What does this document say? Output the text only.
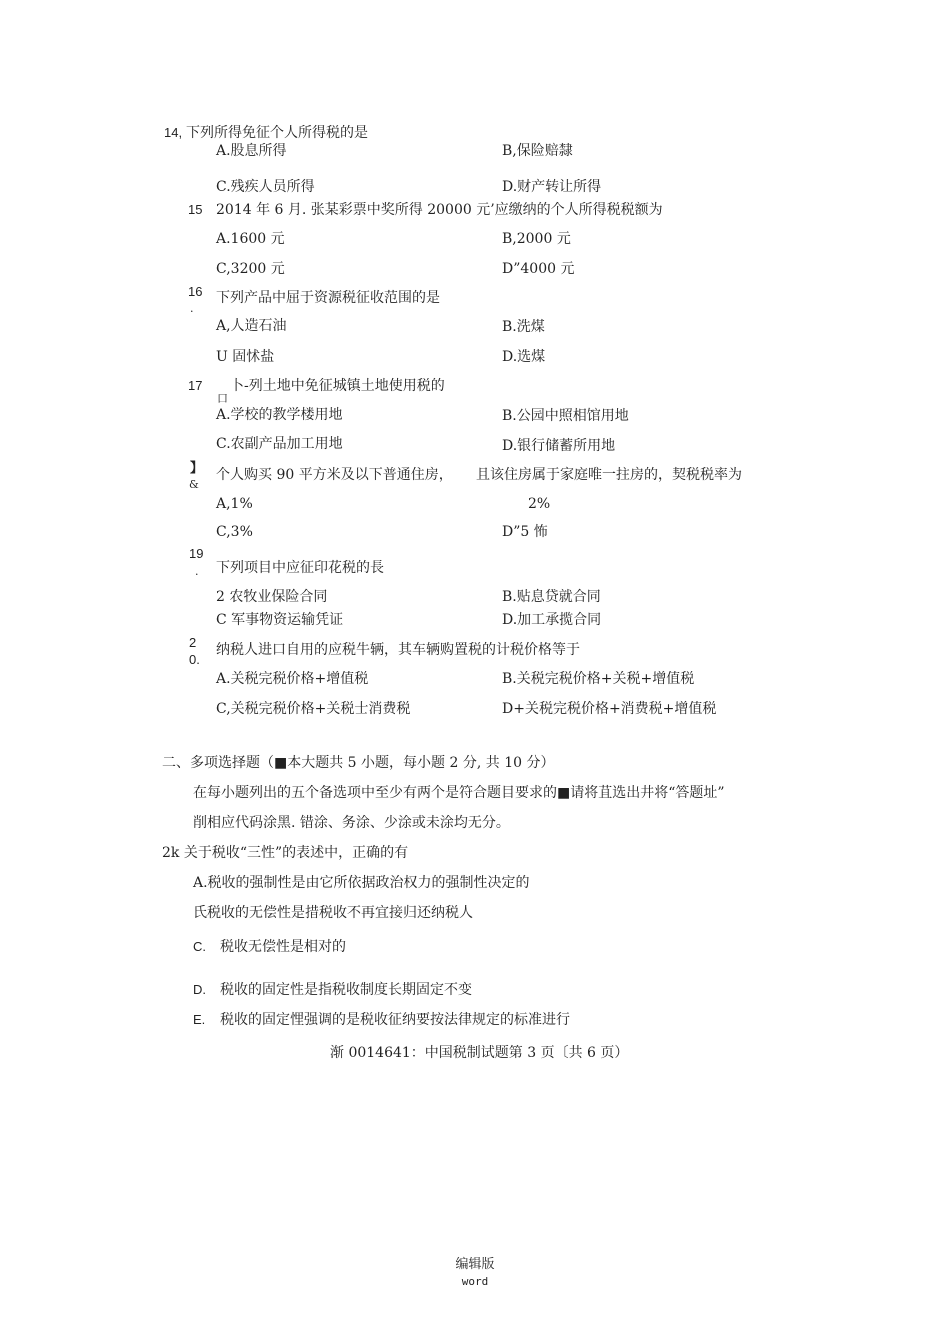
14, 下列所得免征个人所得税的是
A.股息所得	B,保险赔隸
C.残疾人员所得	D.财产转让所得
15 2014 年 6 月. 张某彩票中奖所得 20000 元’应缴纳的个人所得税税额为
A.1600 元	B,2000 元
C,3200 元	D”4000 元
16
.
下列产品中屈于资源税征收范围的是
A,人造石油	B.洗煤
U 固怵盐	D.选煤
17
口
卜-列土地中免征城镇土地使用税的
A.学校的教学楼用地	B.公园中照相馆用地
C.农副产品加工用地	D.银行储蓄所用地
】
&
个人购买 90 平方米及以下普通住房， 且该住房属于家庭唯一拄房的，契税税率为
A,1%	2%
C,3%	D”5 怖
19
. 下列项目中应征印花税的長
2 农牧业保险合同	B.贴息贷就合同
C 军事物资运输凭证	D.加工承揽合同
2
0.
纳税人进口自用的应税牛辆，其车辆购置税的计税价格等于
A.关税完税价格+增值税	B.关税完税价格+关税+增值税
C,关税完税价格+关税士消费税	D+关税完税价格+消费税+增值税
二、多项选择题（■本大题共 5 小题，每小题 2 分, 共 10 分）
在每小题列出的五个备选项中至少有两个是符合题目要求的■请将苴选出井将“答题址”
削相应代码涂黑. 错涂、务涂、少涂或未涂均无分。
2k 关于税收“三性”的表述中，正确的有
A.税收的强制性是由它所依据政治权力的强制性决定的
氏税收的无偿性是措税收不再宜接归还纳税人
C. 税收无偿性是相对的
D. 税收的固定性是指税收制度长期固定不变
E. 税收的固定悝强调的是税收征纳要按法律规定的标准进行
渐 0014641：中国税制试题第 3 页〔共 6 页）
编辑版
word
